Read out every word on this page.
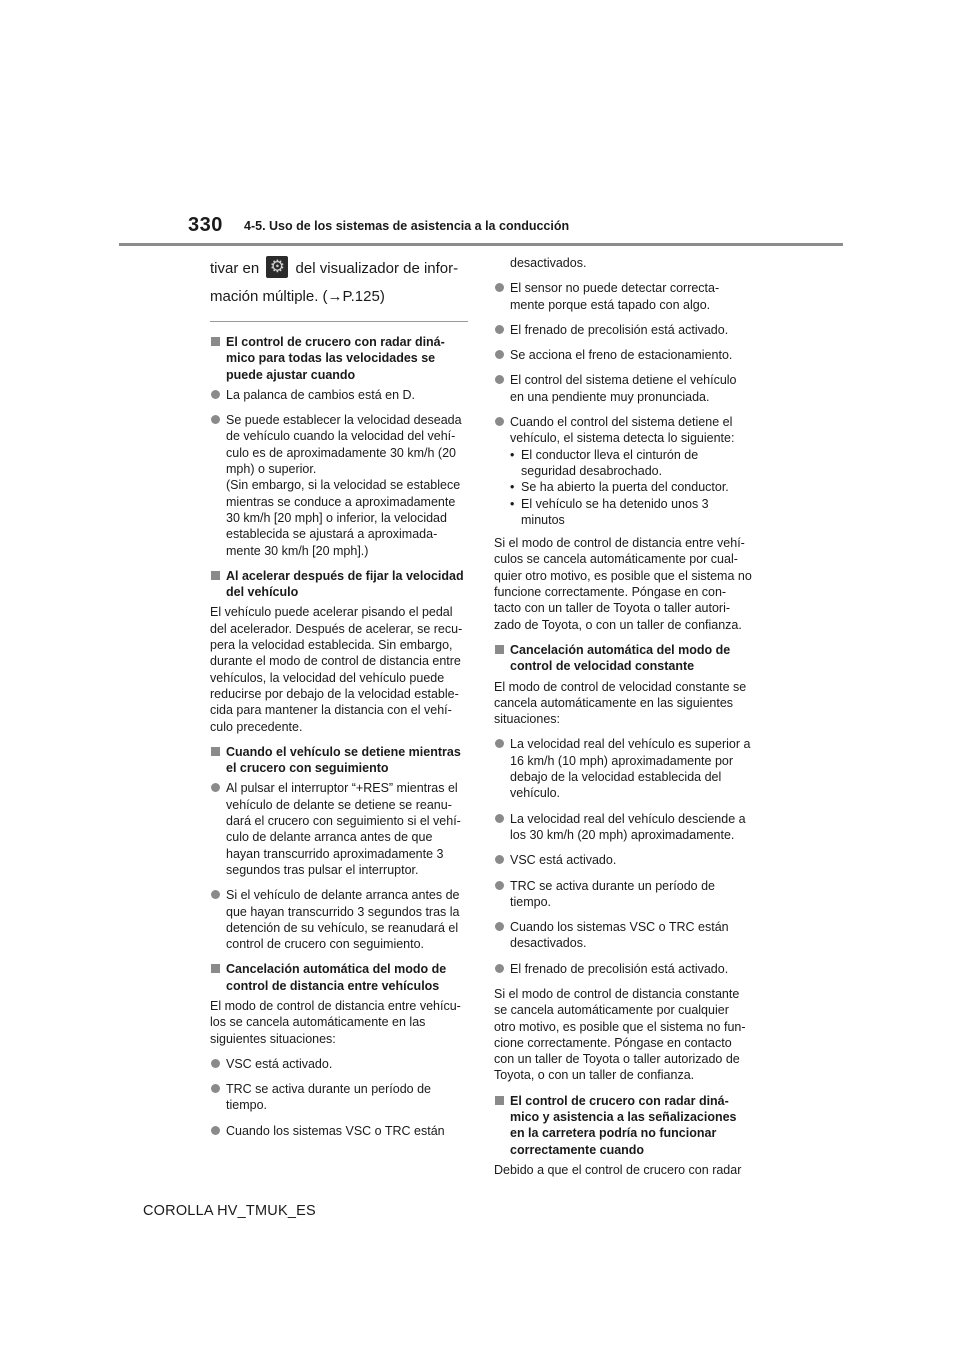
330 4-5. Uso de los sistemas de asistencia a la conducción
tivar en ⚙ del visualizador de infor-
mación múltiple. (→P.125)
El control de crucero con radar diná-mico para todas las velocidades se puede ajustar cuando
La palanca de cambios está en D.
Se puede establecer la velocidad deseada de vehículo cuando la velocidad del vehí-culo es de aproximadamente 30 km/h (20 mph) o superior.
(Sin embargo, si la velocidad se establece mientras se conduce a aproximadamente 30 km/h [20 mph] o inferior, la velocidad establecida se ajustará a aproximada-mente 30 km/h [20 mph].)
Al acelerar después de fijar la velocidad del vehículo
El vehículo puede acelerar pisando el pedal del acelerador. Después de acelerar, se recu-pera la velocidad establecida. Sin embargo, durante el modo de control de distancia entre vehículos, la velocidad del vehículo puede reducirse por debajo de la velocidad estable-cida para mantener la distancia con el vehí-culo precedente.
Cuando el vehículo se detiene mientras el crucero con seguimiento
Al pulsar el interruptor “+RES” mientras el vehículo de delante se detiene se reanu-dará el crucero con seguimiento si el vehí-culo de delante arranca antes de que hayan transcurrido aproximadamente 3 segundos tras pulsar el interruptor.
Si el vehículo de delante arranca antes de que hayan transcurrido 3 segundos tras la detención de su vehículo, se reanudará el control de crucero con seguimiento.
Cancelación automática del modo de control de distancia entre vehículos
El modo de control de distancia entre vehícu-los se cancela automáticamente en las siguientes situaciones:
VSC está activado.
TRC se activa durante un período de tiempo.
Cuando los sistemas VSC o TRC están
desactivados.
El sensor no puede detectar correcta-mente porque está tapado con algo.
El frenado de precolisión está activado.
Se acciona el freno de estacionamiento.
El control del sistema detiene el vehículo en una pendiente muy pronunciada.
Cuando el control del sistema detiene el vehículo, el sistema detecta lo siguiente:
• El conductor lleva el cinturón de seguridad desabrochado.
• Se ha abierto la puerta del conductor.
• El vehículo se ha detenido unos 3 minutos
Si el modo de control de distancia entre vehí-culos se cancela automáticamente por cual-quier otro motivo, es posible que el sistema no funcione correctamente. Póngase en con-tacto con un taller de Toyota o taller autori-zado de Toyota, o con un taller de confianza.
Cancelación automática del modo de control de velocidad constante
El modo de control de velocidad constante se cancela automáticamente en las siguientes situaciones:
La velocidad real del vehículo es superior a 16 km/h (10 mph) aproximadamente por debajo de la velocidad establecida del vehículo.
La velocidad real del vehículo desciende a los 30 km/h (20 mph) aproximadamente.
VSC está activado.
TRC se activa durante un período de tiempo.
Cuando los sistemas VSC o TRC están desactivados.
El frenado de precolisión está activado.
Si el modo de control de distancia constante se cancela automáticamente por cualquier otro motivo, es posible que el sistema no fun-cione correctamente. Póngase en contacto con un taller de Toyota o taller autorizado de Toyota, o con un taller de confianza.
El control de crucero con radar diná-mico y asistencia a las señalizaciones en la carretera podría no funcionar correctamente cuando
Debido a que el control de crucero con radar
COROLLA HV_TMUK_ES
